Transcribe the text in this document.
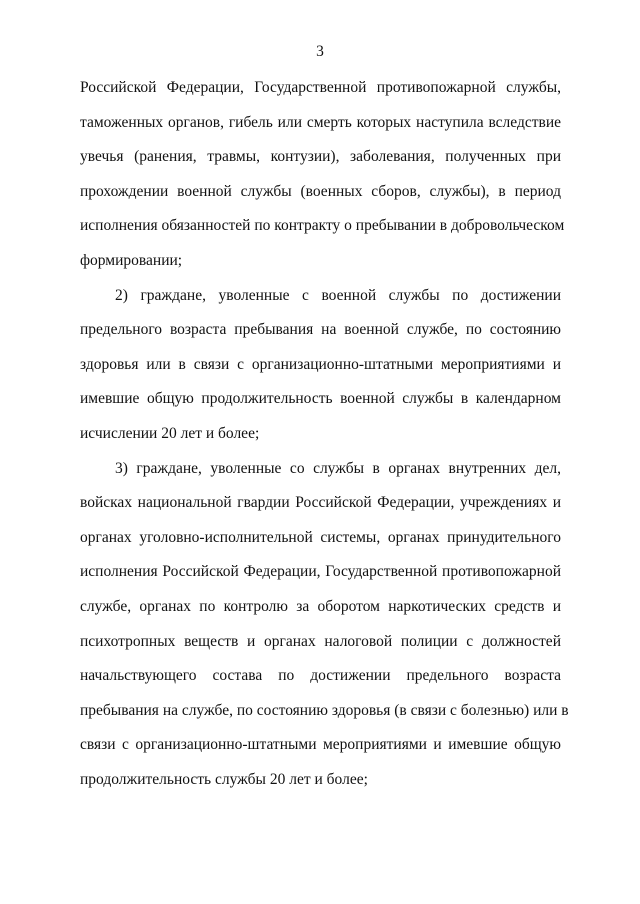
3
Российской Федерации, Государственной противопожарной службы,
таможенных органов, гибель или смерть которых наступила вследствие
увечья (ранения, травмы, контузии), заболевания, полученных при
прохождении военной службы (военных сборов, службы), в период
исполнения обязанностей по контракту о пребывании в добровольческом
формировании;
2) граждане, уволенные с военной службы по достижении
предельного возраста пребывания на военной службе, по состоянию
здоровья или в связи с организационно-штатными мероприятиями и
имевшие общую продолжительность военной службы в календарном
исчислении 20 лет и более;
3) граждане, уволенные со службы в органах внутренних дел,
войсках национальной гвардии Российской Федерации, учреждениях и
органах уголовно-исполнительной системы, органах принудительного
исполнения Российской Федерации, Государственной противопожарной
службе, органах по контролю за оборотом наркотических средств и
психотропных веществ и органах налоговой полиции с должностей
начальствующего состава по достижении предельного возраста
пребывания на службе, по состоянию здоровья (в связи с болезнью) или в
связи с организационно-штатными мероприятиями и имевшие общую
продолжительность службы 20 лет и более;
